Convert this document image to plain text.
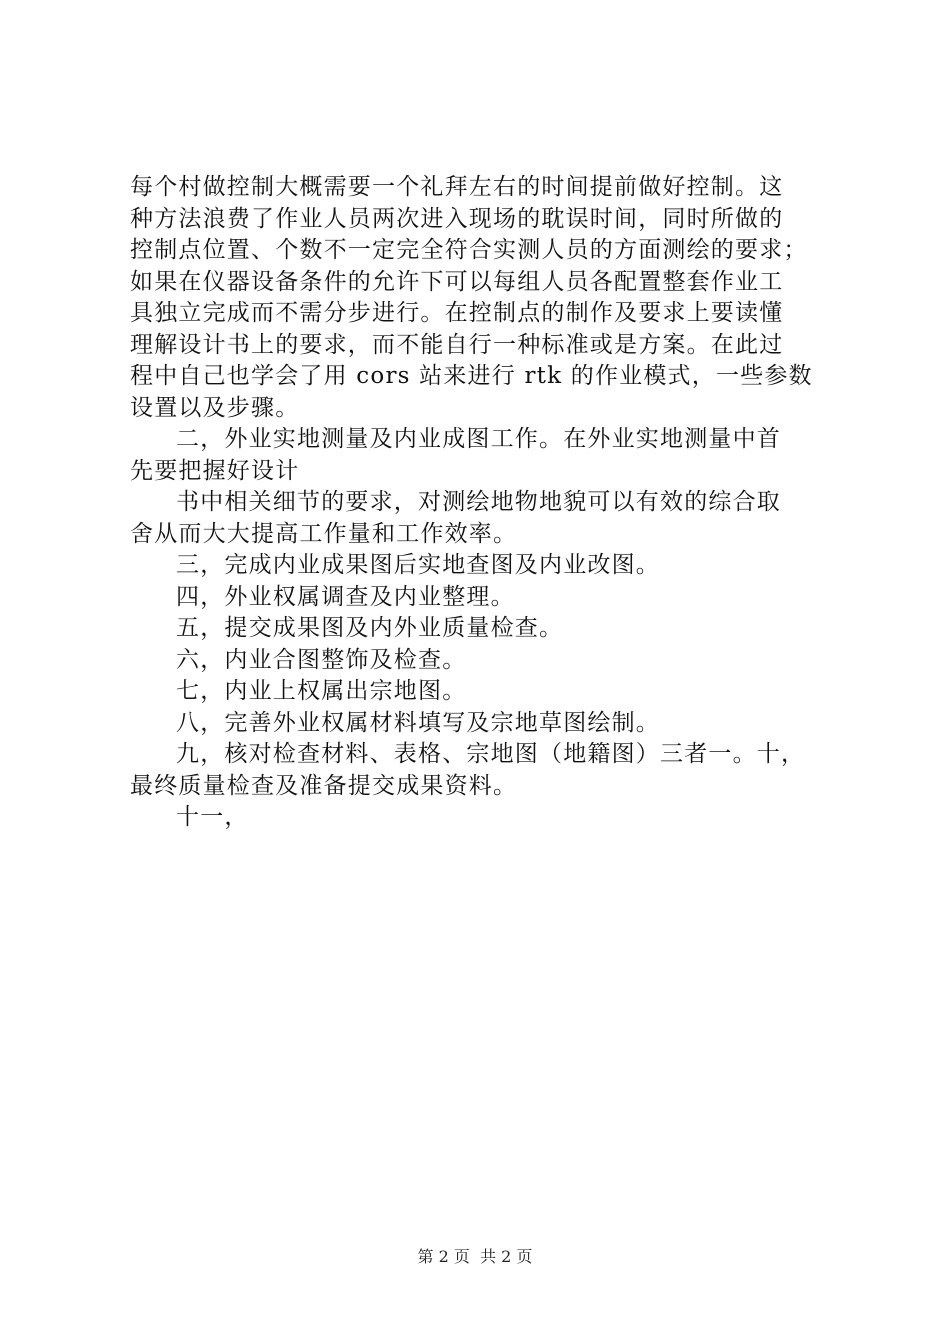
每个村做控制大概需要一个礼拜左右的时间提前做好控制。这
种方法浪费了作业人员两次进入现场的耽误时间，同时所做的
控制点位置、个数不一定完全符合实测人员的方面测绘的要求；
如果在仪器设备条件的允许下可以每组人员各配置整套作业工
具独立完成而不需分步进行。在控制点的制作及要求上要读懂
理解设计书上的要求，而不能自行一种标准或是方案。在此过
程中自己也学会了用 cors 站来进行 rtk 的作业模式，一些参数
设置以及步骤。
二，外业实地测量及内业成图工作。在外业实地测量中首
先要把握好设计
书中相关细节的要求，对测绘地物地貌可以有效的综合取
舍从而大大提高工作量和工作效率。
三，完成内业成果图后实地查图及内业改图。
四，外业权属调查及内业整理。
五，提交成果图及内外业质量检查。
六，内业合图整饰及检查。
七，内业上权属出宗地图。
八，完善外业权属材料填写及宗地草图绘制。
九，核对检查材料、表格、宗地图（地籍图）三者一。十，
最终质量检查及准备提交成果资料。
十一，
第 2 页  共 2 页
